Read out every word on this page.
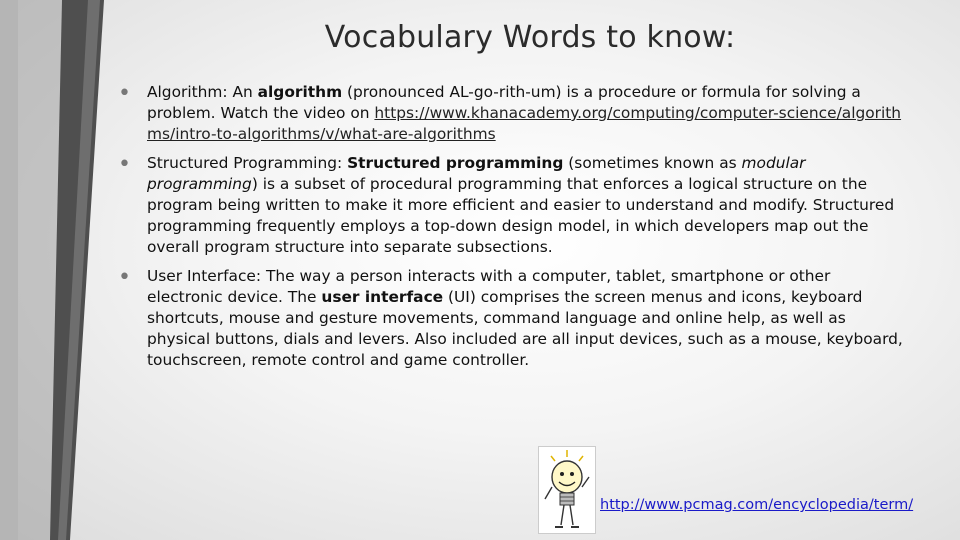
Vocabulary Words to know:
• Algorithm: An algorithm (pronounced AL-go-rith-um) is a procedure or formula for solving a problem. Watch the video on https://www.khanacademy.org/computing/computer-science/algorithms/intro-to-algorithms/v/what-are-algorithms
• Structured Programming: Structured programming (sometimes known as modular programming) is a subset of procedural programming that enforces a logical structure on the program being written to make it more efficient and easier to understand and modify. Structured programming frequently employs a top-down design model, in which developers map out the overall program structure into separate subsections.
• User Interface: The way a person interacts with a computer, tablet, smartphone or other electronic device. The user interface (UI) comprises the screen menus and icons, keyboard shortcuts, mouse and gesture movements, command language and online help, as well as physical buttons, dials and levers. Also included are all input devices, such as a mouse, keyboard, touchscreen, remote control and game controller.
http://www.pcmag.com/encyclopedia/term/
